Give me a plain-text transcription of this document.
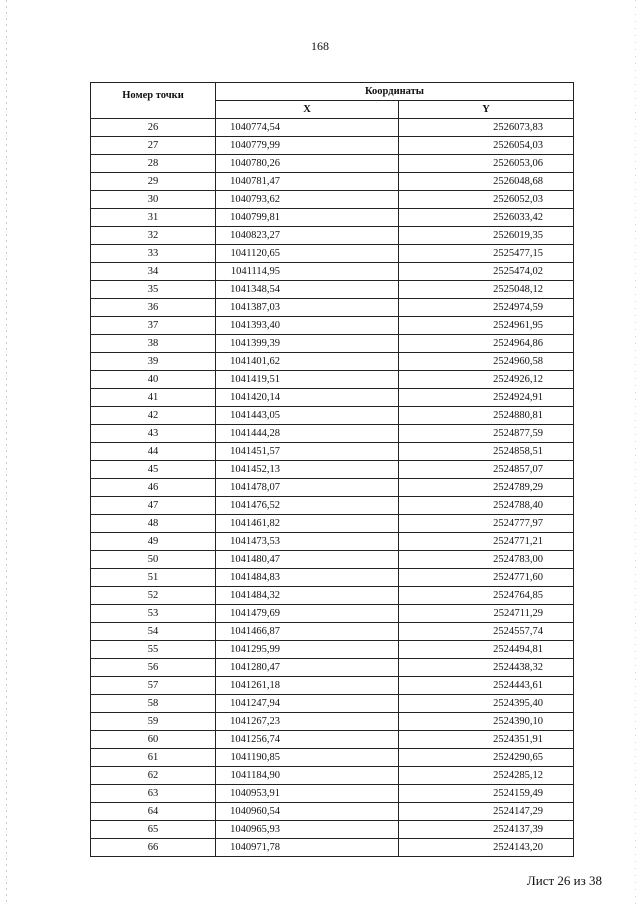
168
Номер точки	Координаты	
	X	Y
26	1040774,54	2526073,83
27	1040779,99	2526054,03
28	1040780,26	2526053,06
29	1040781,47	2526048,68
30	1040793,62	2526052,03
31	1040799,81	2526033,42
32	1040823,27	2526019,35
33	1041120,65	2525477,15
34	1041114,95	2525474,02
35	1041348,54	2525048,12
36	1041387,03	2524974,59
37	1041393,40	2524961,95
38	1041399,39	2524964,86
39	1041401,62	2524960,58
40	1041419,51	2524926,12
41	1041420,14	2524924,91
42	1041443,05	2524880,81
43	1041444,28	2524877,59
44	1041451,57	2524858,51
45	1041452,13	2524857,07
46	1041478,07	2524789,29
47	1041476,52	2524788,40
48	1041461,82	2524777,97
49	1041473,53	2524771,21
50	1041480,47	2524783,00
51	1041484,83	2524771,60
52	1041484,32	2524764,85
53	1041479,69	2524711,29
54	1041466,87	2524557,74
55	1041295,99	2524494,81
56	1041280,47	2524438,32
57	1041261,18	2524443,61
58	1041247,94	2524395,40
59	1041267,23	2524390,10
60	1041256,74	2524351,91
61	1041190,85	2524290,65
62	1041184,90	2524285,12
63	1040953,91	2524159,49
64	1040960,54	2524147,29
65	1040965,93	2524137,39
66	1040971,78	2524143,20
Лист 26 из 38
